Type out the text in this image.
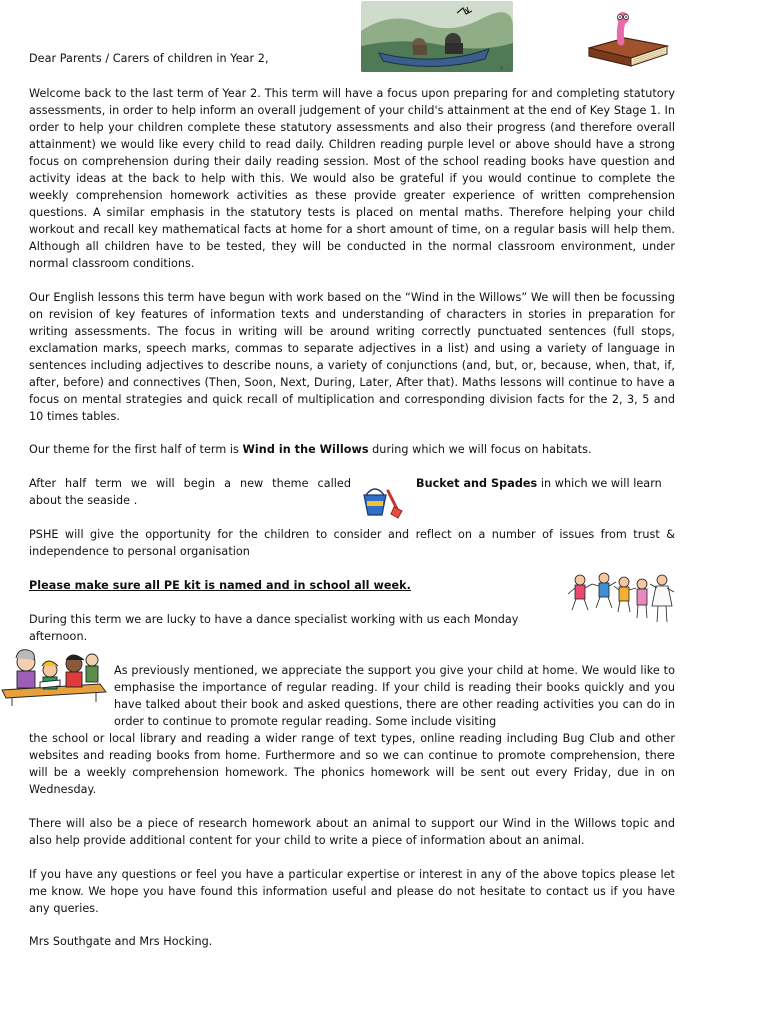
© ...

Dear Parents / Carers of children in Year 2,

Welcome back to the last term of Year 2. This term will have a focus upon preparing for and completing statutory assessments, in order to help inform an overall judgement of your child's attainment at the end of Key Stage 1. In order to help your children complete these statutory assessments and also their progress (and therefore overall attainment) we would like every child to read daily. Children reading purple level or above should have a strong focus on comprehension during their daily reading session. Most of the school reading books have question and activity ideas at the back to help with this. We would also be grateful if you would continue to complete the weekly comprehension homework activities as these provide greater experience of written comprehension questions. A similar emphasis in the statutory tests is placed on mental maths. Therefore helping your child workout and recall key mathematical facts at home for a short amount of time, on a regular basis will help them. Although all children have to be tested, they will be conducted in the normal classroom environment, under normal classroom conditions.

Our English lessons this term have begun with work based on the “Wind in the Willows” We will then be focussing on revision of key features of information texts and understanding of characters in stories in preparation for writing assessments. The focus in writing will be around writing correctly punctuated sentences (full stops, exclamation marks, speech marks, commas to separate adjectives in a list) and using a variety of language in sentences including adjectives to describe nouns, a variety of conjunctions (and, but, or, because, when, that, if, after, before) and connectives (Then, Soon, Next, During, Later, After that). Maths lessons will continue to have a focus on mental strategies and quick recall of multiplication and corresponding division facts for the 2, 3, 5 and 10 times tables.

Our theme for the first half of term is Wind in the Willows during which we will focus on habitats.

After half term we will begin a new theme called	Bucket and Spades in which we will learn
about the seaside .

PSHE will give the opportunity for the children to consider and reflect on a number of issues from trust & independence to personal organisation

Please make sure all PE kit is named and in school all week.

During this term we are lucky to have a dance specialist working with us each Monday
afternoon.

As previously mentioned, we appreciate the support you give your child at home. We would like to emphasise the importance of regular reading. If your child is reading their books quickly and you have talked about their book and asked questions, there are other reading activities you can do in order to continue to promote regular reading. Some include visiting

the school or local library and reading a wider range of text types, online reading including Bug Club and other websites and reading books from home. Furthermore and so we can continue to promote comprehension, there will be a weekly comprehension homework. The phonics homework will be sent out every Friday, due in on Wednesday.

There will also be a piece of research homework about an animal to support our Wind in the Willows topic and also help provide additional content for your child to write a piece of information about an animal.

If you have any questions or feel you have a particular expertise or interest in any of the above topics please let me know. We hope you have found this information useful and please do not hesitate to contact us if you have any queries.

Mrs Southgate and Mrs Hocking.
